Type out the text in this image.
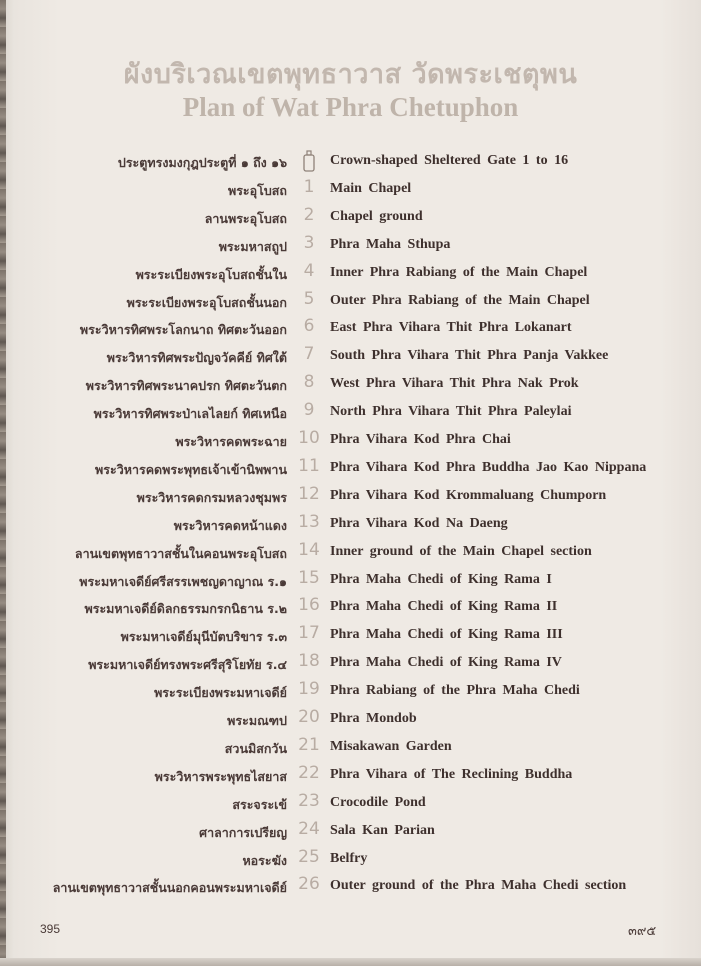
ผังบริเวณเขตพุทธาวาส วัดพระเชตุพน
Plan of Wat Phra Chetuphon
ประตูทรงมงกุฎประตูที่ ๑ ถึง ๑๖	Crown-shaped Sheltered Gate 1 to 16
พระอุโบสถ 1	Main Chapel
ลานพระอุโบสถ 2	Chapel ground
พระมหาสถูป 3	Phra Maha Sthupa
พระระเบียงพระอุโบสถชั้นใน 4	Inner Phra Rabiang of the Main Chapel
พระระเบียงพระอุโบสถชั้นนอก 5	Outer Phra Rabiang of the Main Chapel
พระวิหารทิศพระโลกนาถ ทิศตะวันออก 6	East Phra Vihara Thit Phra Lokanart
พระวิหารทิศพระปัญจวัคคีย์ ทิศใต้ 7	South Phra Vihara Thit Phra Panja Vakkee
พระวิหารทิศพระนาคปรก ทิศตะวันตก 8	West Phra Vihara Thit Phra Nak Prok
พระวิหารทิศพระป่าเลไลยก์ ทิศเหนือ 9	North Phra Vihara Thit Phra Paleylai
พระวิหารคดพระฉาย 10 Phra Vihara Kod Phra Chai
พระวิหารคดพระพุทธเจ้าเข้านิพพาน 11 Phra Vihara Kod Phra Buddha Jao Kao Nippana
พระวิหารคดกรมหลวงชุมพร 12 Phra Vihara Kod Krommaluang Chumporn
พระวิหารคดหน้าแดง 13 Phra Vihara Kod Na Daeng
ลานเขตพุทธาวาสชั้นในคอนพระอุโบสถ 14 Inner ground of the Main Chapel section
พระมหาเจดีย์ศรีสรรเพชญดาญาณ ร.๑ 15 Phra Maha Chedi of King Rama I
พระมหาเจดีย์ดิลกธรรมกรกนิธาน ร.๒ 16 Phra Maha Chedi of King Rama II
พระมหาเจดีย์มุนีบัตบริขาร ร.๓ 17 Phra Maha Chedi of King Rama III
พระมหาเจดีย์ทรงพระศรีสุริโยทัย ร.๔ 18 Phra Maha Chedi of King Rama IV
พระระเบียงพระมหาเจดีย์ 19 Phra Rabiang of the Phra Maha Chedi
พระมณฑป 20 Phra Mondob
สวนมิสกวัน 21 Misakawan Garden
พระวิหารพระพุทธไสยาส 22 Phra Vihara of The Reclining Buddha
สระจระเข้ 23 Crocodile Pond
ศาลาการเปรียญ 24 Sala Kan Parian
หอระฆัง 25 Belfry
ลานเขตพุทธาวาสชั้นนอกคอนพระมหาเจดีย์ 26 Outer ground of the Phra Maha Chedi section
395	๓๙๕
